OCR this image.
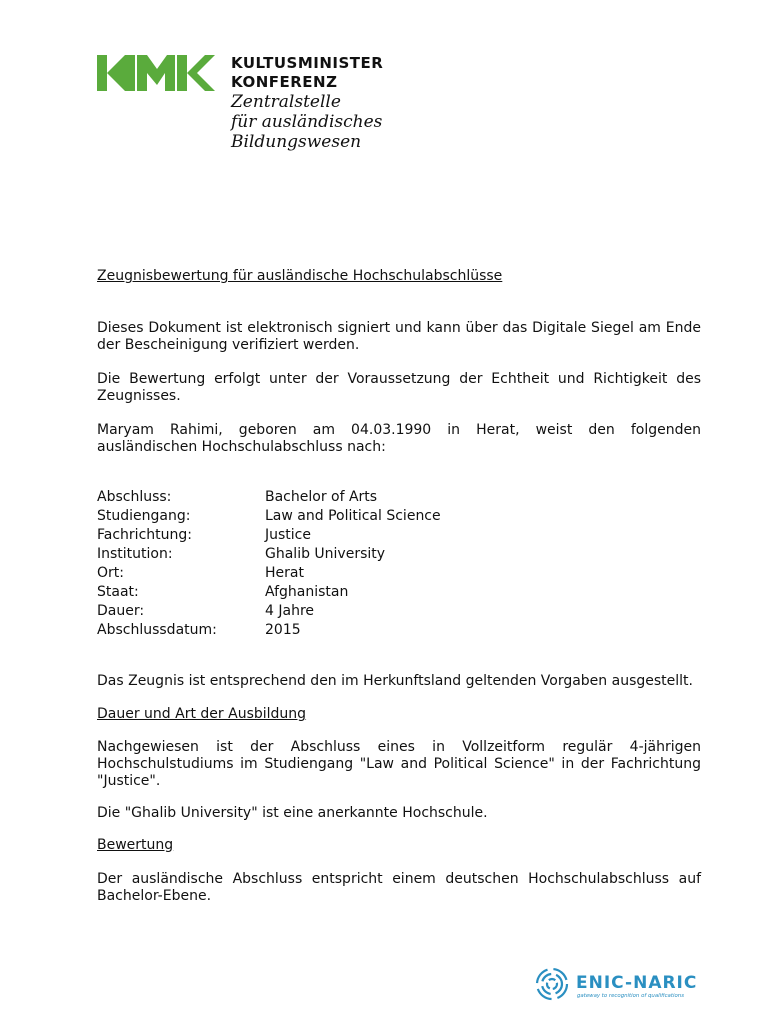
KULTUSMINISTER
KONFERENZ
Zentralstelle
für ausländisches
Bildungswesen
Zeugnisbewertung für ausländische Hochschulabschlüsse
Dieses Dokument ist elektronisch signiert und kann über das Digitale Siegel am Ende der Bescheinigung verifiziert werden.
Die Bewertung erfolgt unter der Voraussetzung der Echtheit und Richtigkeit des Zeugnisses.
Maryam Rahimi, geboren am 04.03.1990 in Herat, weist den folgenden ausländischen Hochschulabschluss nach:
Abschluss:	Bachelor of Arts
Studiengang:	Law and Political Science
Fachrichtung:	Justice
Institution:	Ghalib University
Ort:	Herat
Staat:	Afghanistan
Dauer:	4 Jahre
Abschlussdatum:	2015
Das Zeugnis ist entsprechend den im Herkunftsland geltenden Vorgaben ausgestellt.
Dauer und Art der Ausbildung
Nachgewiesen ist der Abschluss eines in Vollzeitform regulär 4-jährigen Hochschulstudiums im Studiengang "Law and Political Science" in der Fachrichtung "Justice".
Die "Ghalib University" ist eine anerkannte Hochschule.
Bewertung
Der ausländische Abschluss entspricht einem deutschen Hochschulabschluss auf Bachelor-Ebene.
ENIC-NARIC
gateway to recognition of qualifications
